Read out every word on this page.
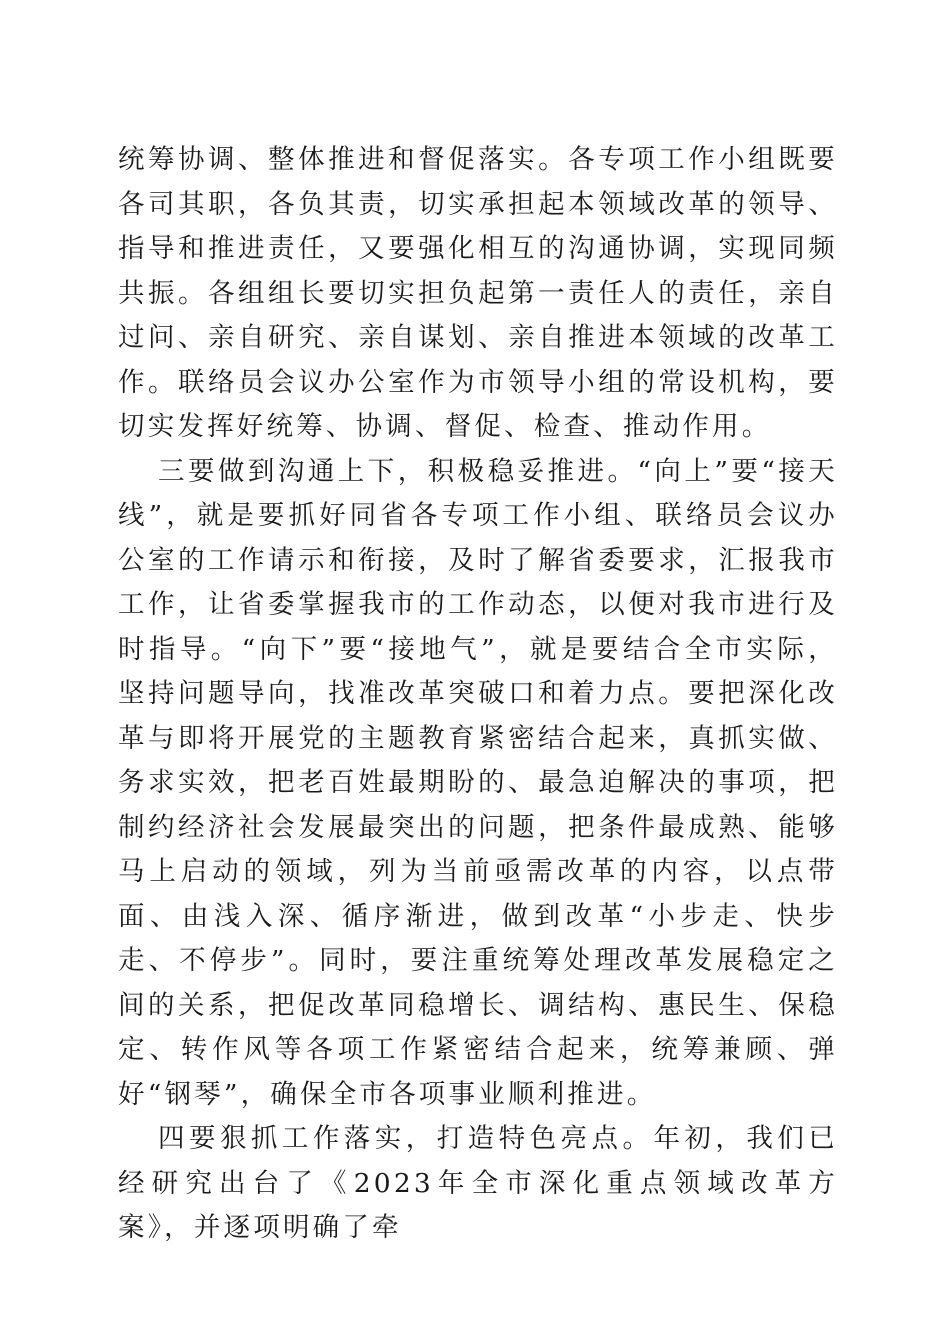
统筹协调、整体推进和督促落实。各专项工作小组既要各司其职，各负其责，切实承担起本领域改革的领导、指导和推进责任，又要强化相互的沟通协调，实现同频共振。各组组长要切实担负起第一责任人的责任，亲自过问、亲自研究、亲自谋划、亲自推进本领域的改革工作。联络员会议办公室作为市领导小组的常设机构，要切实发挥好统筹、协调、督促、检查、推动作用。

三要做到沟通上下，积极稳妥推进。“向上”要“接天线”，就是要抓好同省各专项工作小组、联络员会议办公室的工作请示和衔接，及时了解省委要求，汇报我市工作，让省委掌握我市的工作动态，以便对我市进行及时指导。“向下”要“接地气”，就是要结合全市实际，坚持问题导向，找准改革突破口和着力点。要把深化改革与即将开展党的主题教育紧密结合起来，真抓实做、务求实效，把老百姓最期盼的、最急迫解决的事项，把制约经济社会发展最突出的问题，把条件最成熟、能够马上启动的领域，列为当前亟需改革的内容，以点带面、由浅入深、循序渐进，做到改革“小步走、快步走、不停步”。同时，要注重统筹处理改革发展稳定之间的关系，把促改革同稳增长、调结构、惠民生、保稳定、转作风等各项工作紧密结合起来，统筹兼顾、弹好“钢琴”，确保全市各项事业顺利推进。

四要狠抓工作落实，打造特色亮点。年初，我们已经研究出台了《2023年全市深化重点领域改革方案》，并逐项明确了牵
